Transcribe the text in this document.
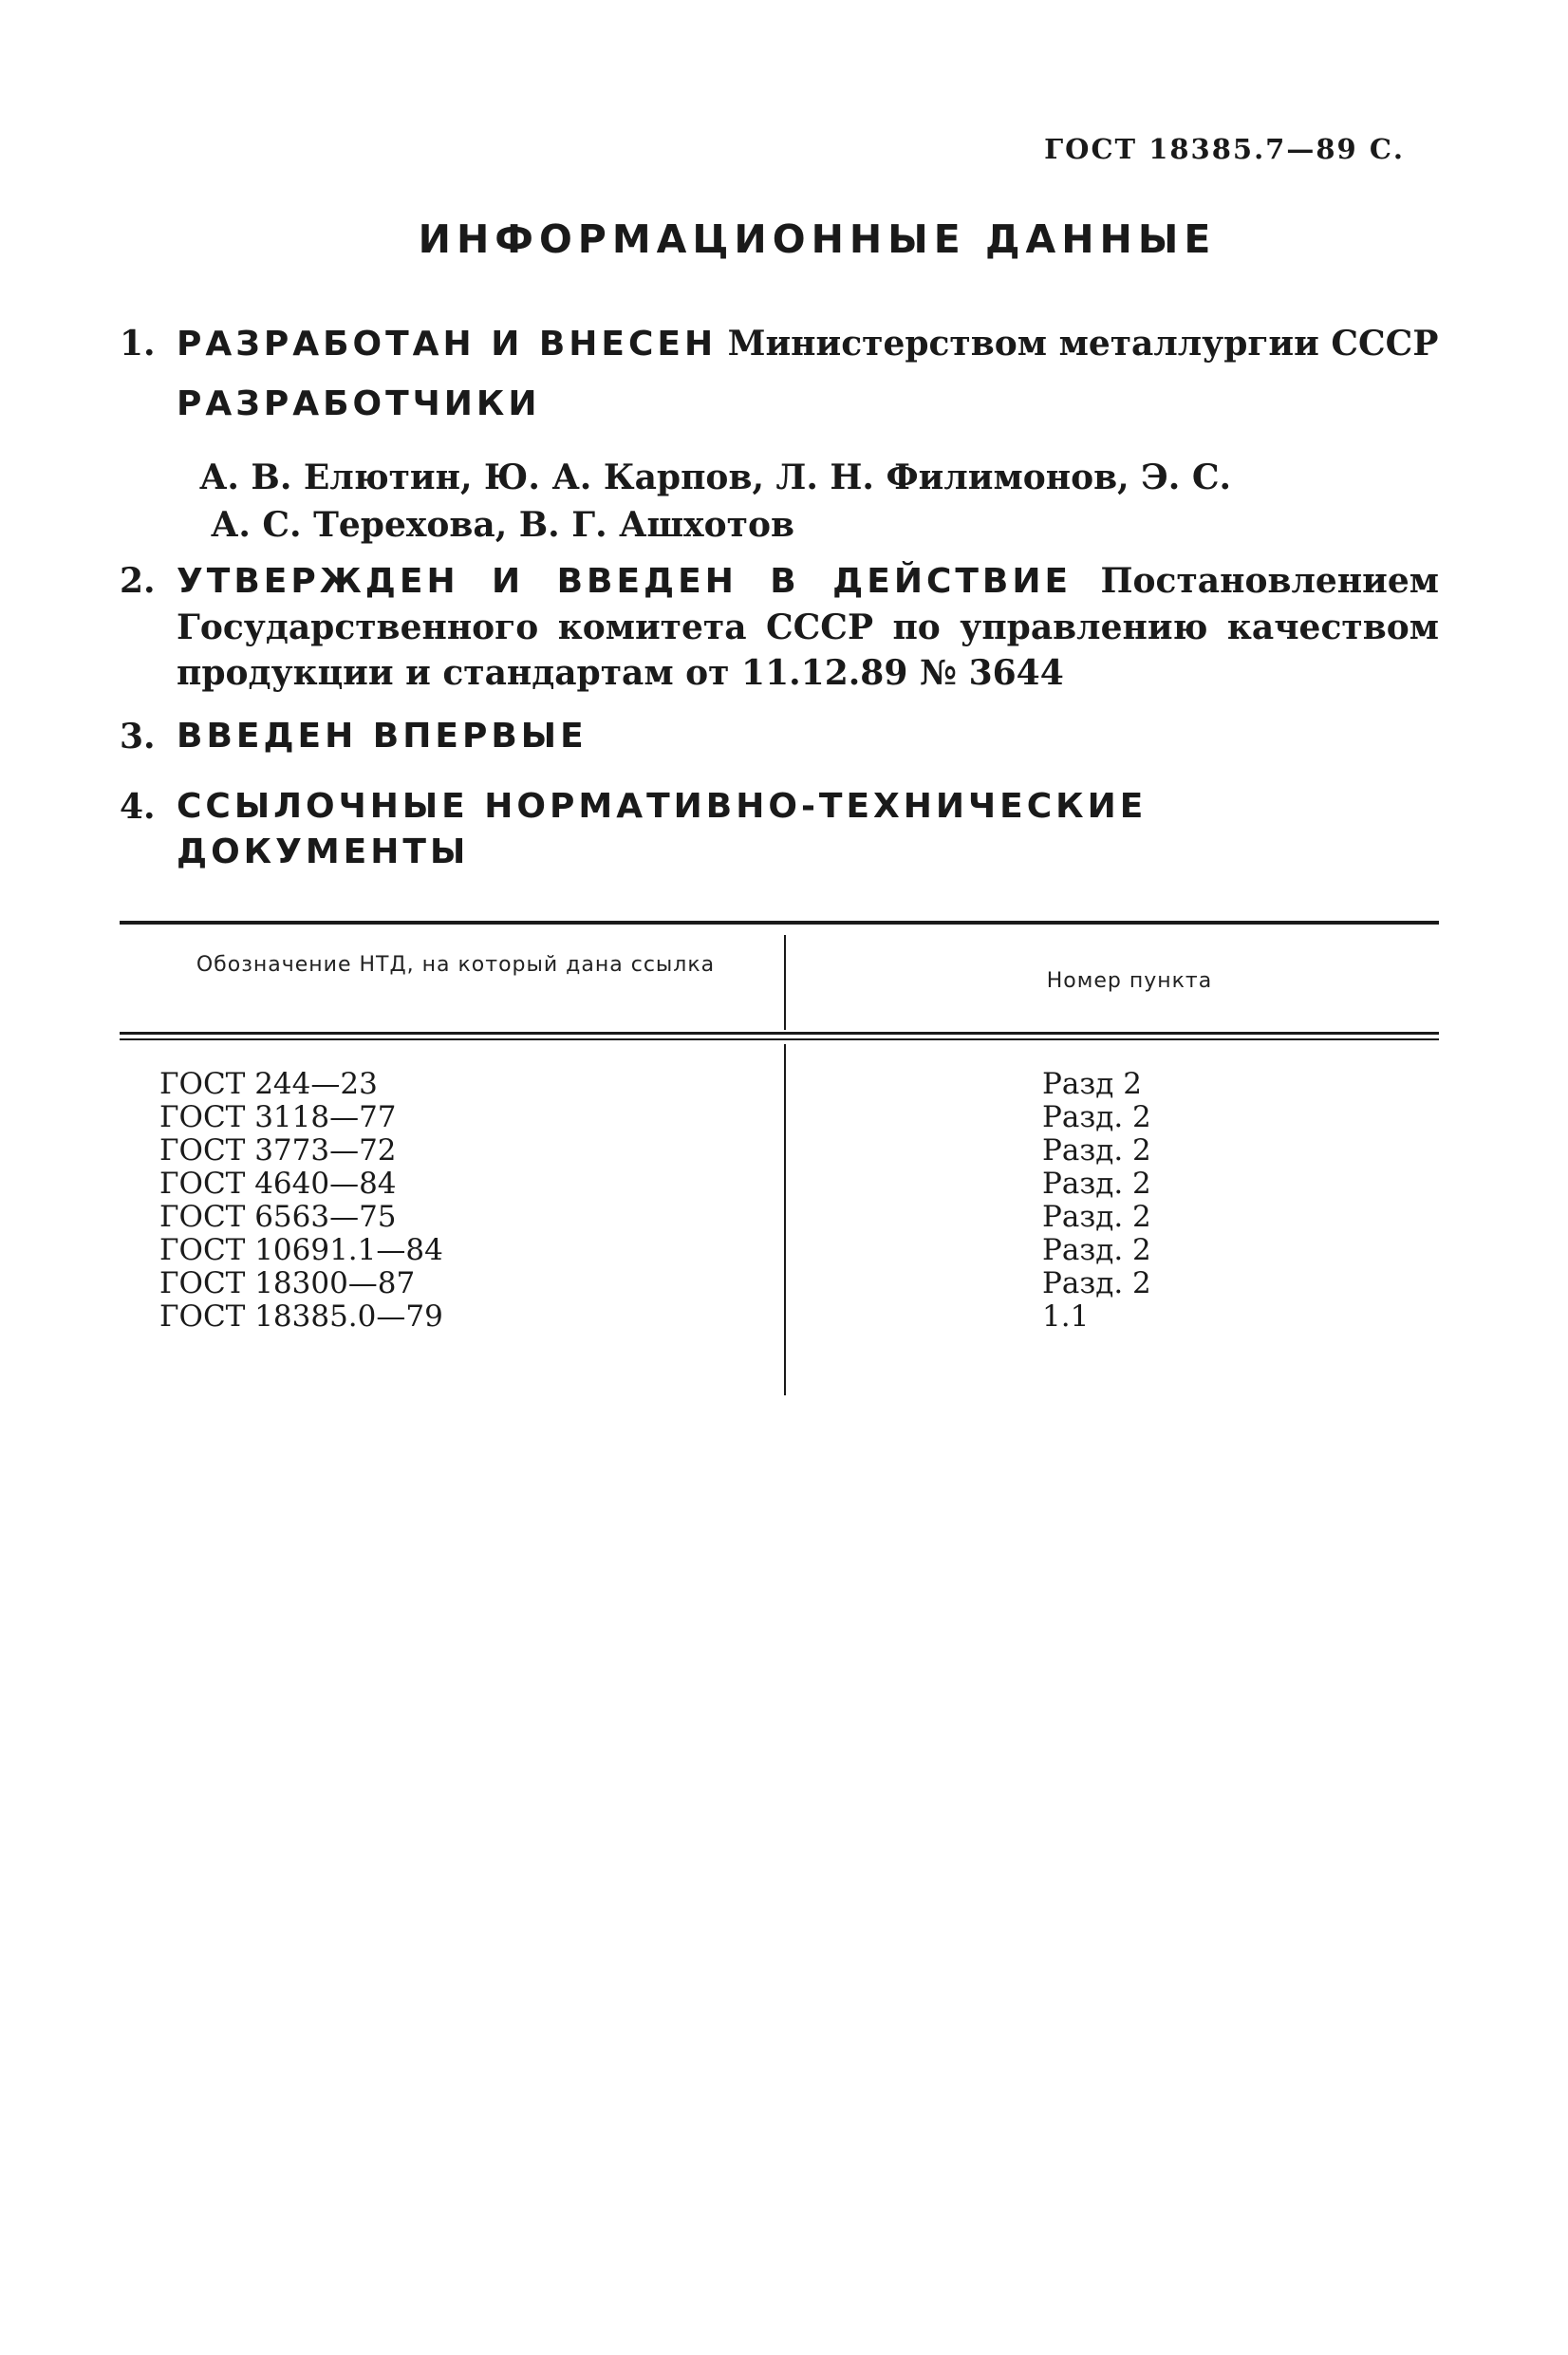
ГОСТ 18385.7—89 С.
ИНФОРМАЦИОННЫЕ ДАННЫЕ
1. РАЗРАБОТАН И ВНЕСЕН Министерством металлургии СССР
РАЗРАБОТЧИКИ
А. В. Елютин, Ю. А. Карпов, Л. Н. Филимонов, Э. С.
А. С. Терехова, В. Г. Ашхотов
2. УТВЕРЖДЕН И ВВЕДЕН В ДЕЙСТВИЕ Постановлением Государственного комитета СССР по управлению качеством продукции и стандартам от 11.12.89 № 3644
3. ВВЕДЕН ВПЕРВЫЕ
4. ССЫЛОЧНЫЕ НОРМАТИВНО-ТЕХНИЧЕСКИЕ ДОКУМЕНТЫ
Обозначение НТД, на который дана ссылка
Номер пункта
ГОСТ 244—23
ГОСТ 3118—77
ГОСТ 3773—72
ГОСТ 4640—84
ГОСТ 6563—75
ГОСТ 10691.1—84
ГОСТ 18300—87
ГОСТ 18385.0—79
Разд 2
Разд. 2
Разд. 2
Разд. 2
Разд. 2
Разд. 2
Разд. 2
1.1
